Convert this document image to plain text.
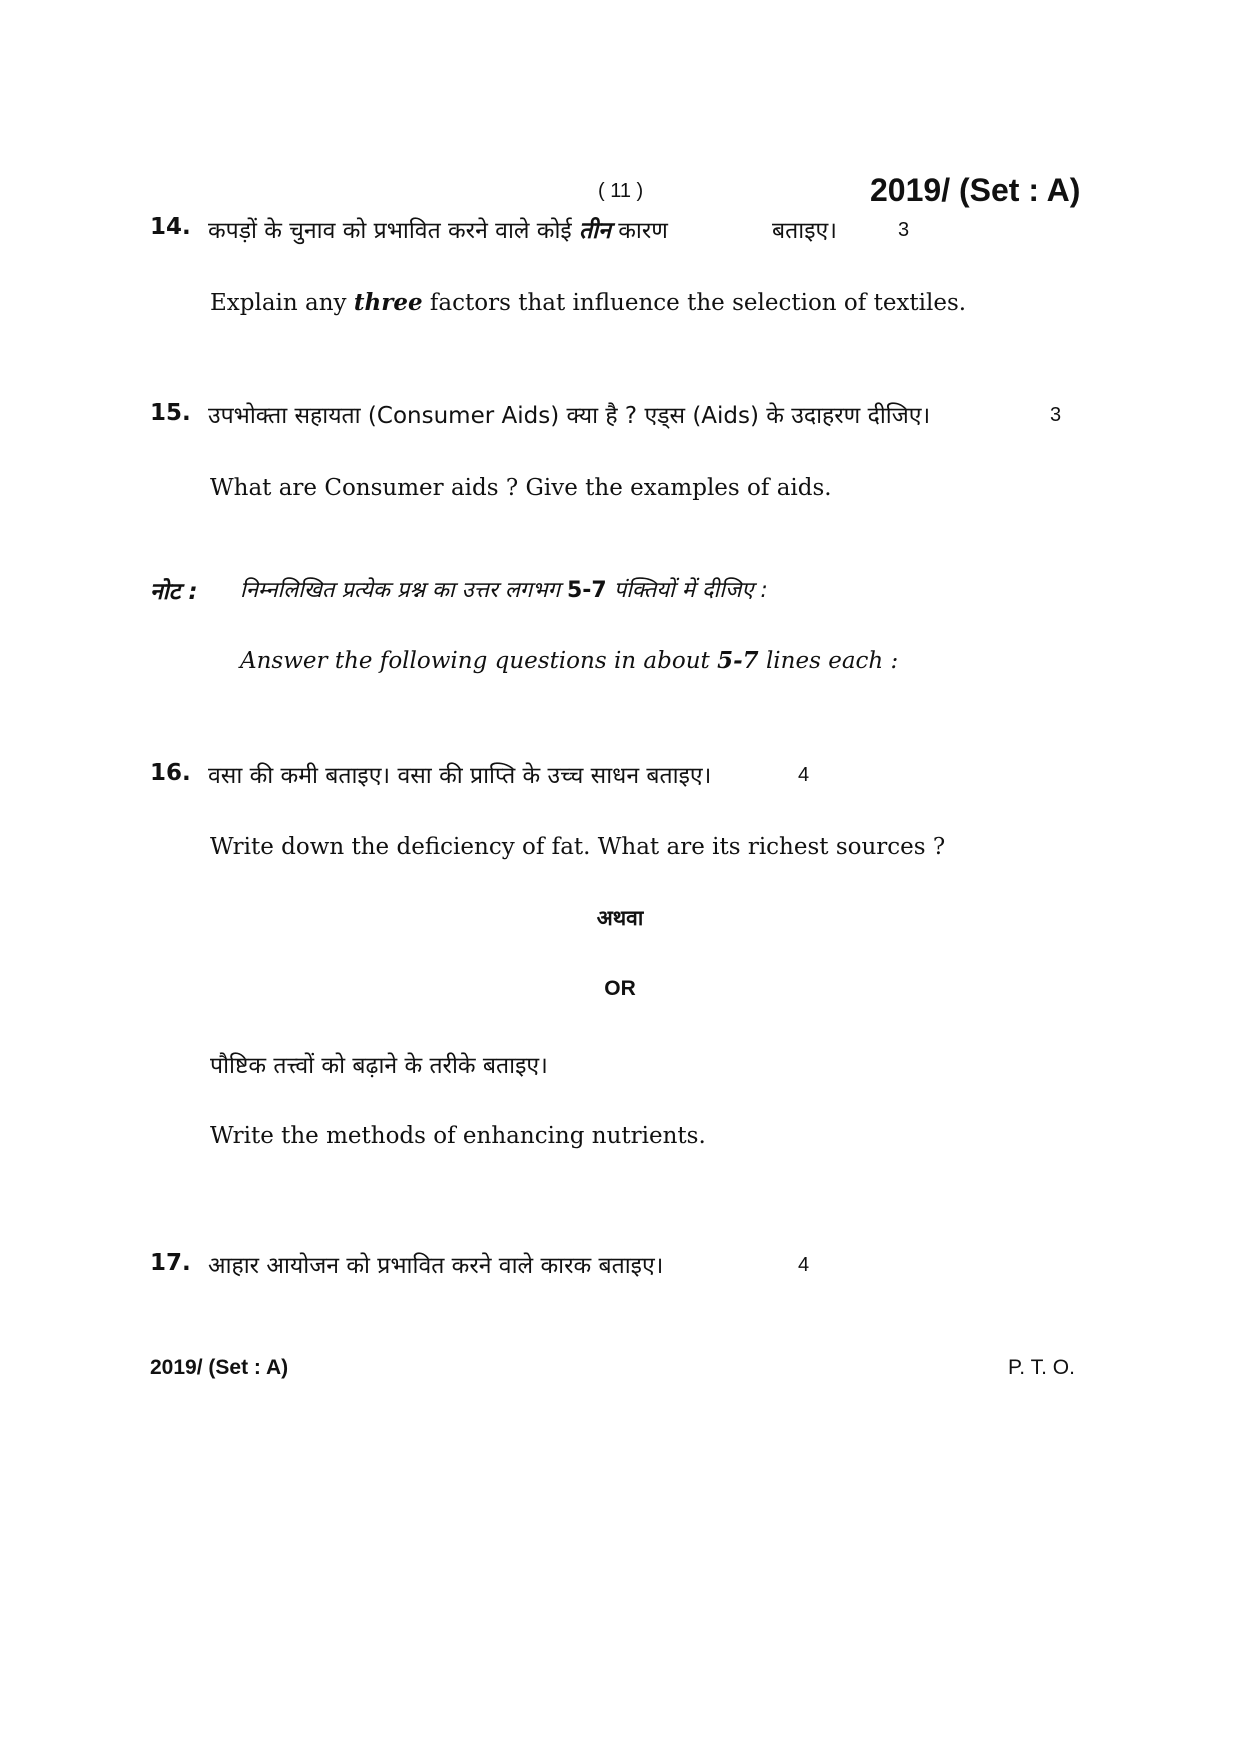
( 11 )	2019/ (Set : A)
14. कपड़ों के चुनाव को प्रभावित करने वाले कोई तीन कारण	बताइए।	3
Explain any three factors that influence the selection of textiles.
15. उपभोक्ता सहायता (Consumer Aids) क्या है ? एड्स (Aids) के उदाहरण दीजिए।	3
What are Consumer aids ? Give the examples of aids.
नोट : निम्नलिखित प्रत्येक प्रश्न का उत्तर लगभग 5-7 पंक्तियों में दीजिए :
Answer the following questions in about 5-7 lines each :
16. वसा की कमी बताइए। वसा की प्राप्ति के उच्च साधन बताइए।	4
Write down the deficiency of fat. What are its richest sources ?
अथवा
OR
पौष्टिक तत्त्वों को बढ़ाने के तरीके बताइए।
Write the methods of enhancing nutrients.
17. आहार आयोजन को प्रभावित करने वाले कारक बताइए।	4
2019/ (Set : A)	P. T. O.
